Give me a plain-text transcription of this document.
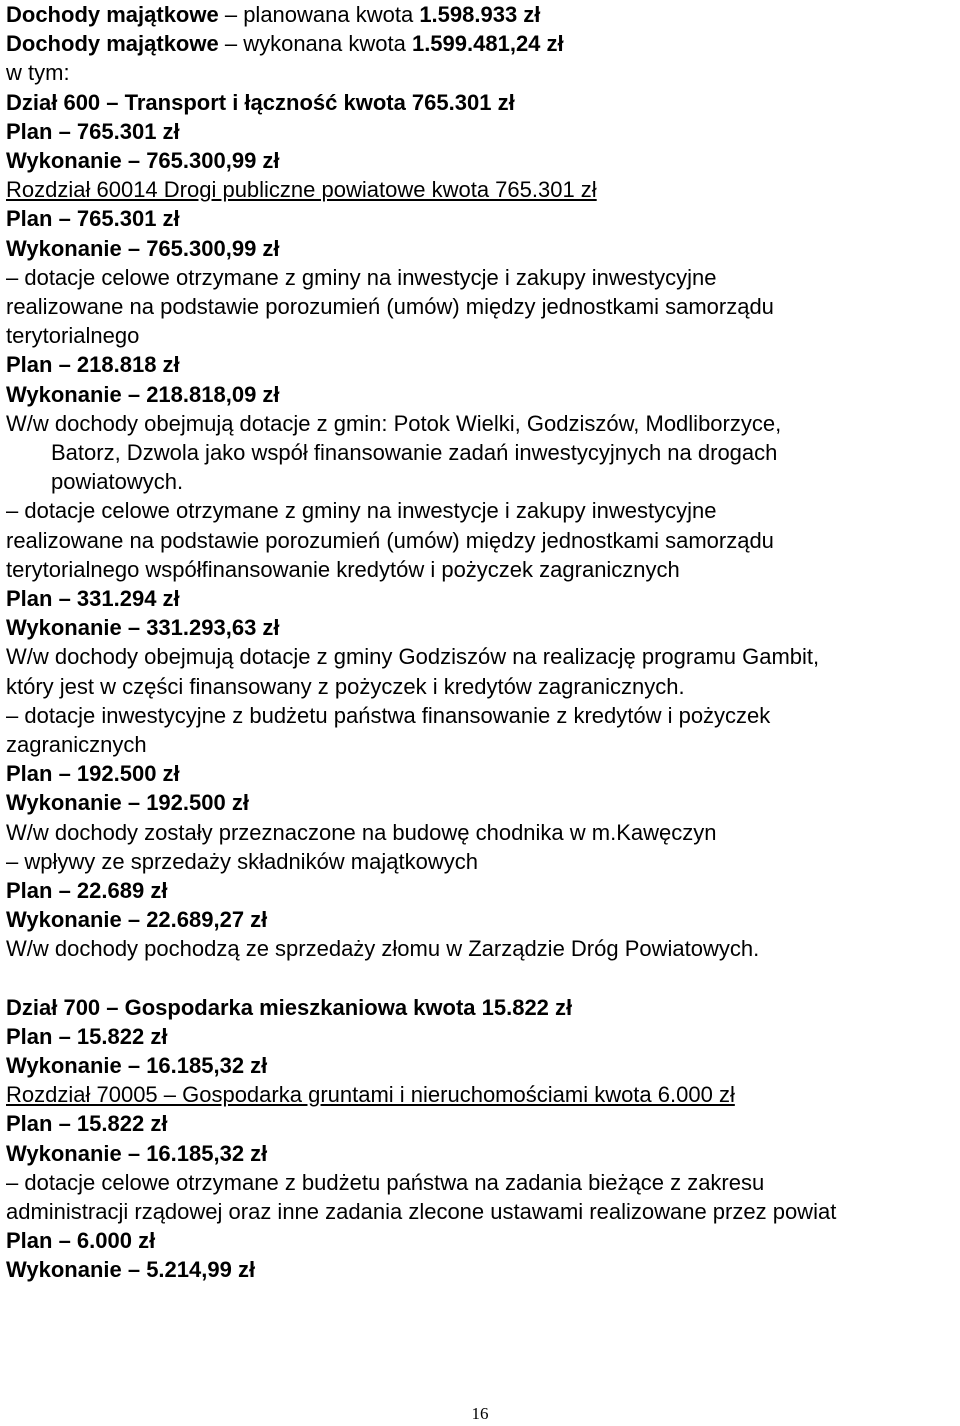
Dochody majątkowe – planowana kwota 1.598.933 zł
Dochody majątkowe – wykonana kwota 1.599.481,24 zł
w tym:
Dział 600 – Transport i łączność kwota 765.301 zł
Plan – 765.301 zł
Wykonanie – 765.300,99 zł
Rozdział 60014 Drogi publiczne powiatowe kwota 765.301 zł
Plan – 765.301 zł
Wykonanie – 765.300,99 zł
– dotacje celowe otrzymane z gminy na inwestycje i zakupy inwestycyjne
realizowane na podstawie porozumień (umów) między jednostkami samorządu
terytorialnego
Plan – 218.818 zł
Wykonanie – 218.818,09 zł
W/w dochody obejmują dotacje z gmin: Potok Wielki, Godziszów, Modliborzyce,
Batorz, Dzwola jako współ finansowanie zadań inwestycyjnych na drogach
powiatowych.
– dotacje celowe otrzymane z gminy na inwestycje i zakupy inwestycyjne
realizowane na podstawie porozumień (umów) między jednostkami samorządu
terytorialnego współfinansowanie kredytów i pożyczek zagranicznych
Plan – 331.294 zł
Wykonanie – 331.293,63 zł
W/w dochody obejmują dotacje z gminy Godziszów na realizację programu Gambit,
który jest w części finansowany z pożyczek i kredytów zagranicznych.
– dotacje inwestycyjne z budżetu państwa finansowanie z kredytów i pożyczek
zagranicznych
Plan – 192.500 zł
Wykonanie – 192.500 zł
W/w dochody zostały przeznaczone na budowę chodnika w m.Kawęczyn
– wpływy ze sprzedaży składników majątkowych
Plan – 22.689 zł
Wykonanie – 22.689,27 zł
W/w dochody pochodzą ze sprzedaży złomu w Zarządzie Dróg Powiatowych.
Dział 700 – Gospodarka mieszkaniowa kwota 15.822 zł
Plan – 15.822 zł
Wykonanie – 16.185,32 zł
Rozdział 70005 – Gospodarka gruntami i nieruchomościami kwota 6.000 zł
Plan – 15.822 zł
Wykonanie – 16.185,32 zł
– dotacje celowe otrzymane z budżetu państwa na zadania bieżące z zakresu
administracji rządowej oraz inne zadania zlecone ustawami realizowane przez powiat
Plan – 6.000 zł
Wykonanie – 5.214,99 zł
16
